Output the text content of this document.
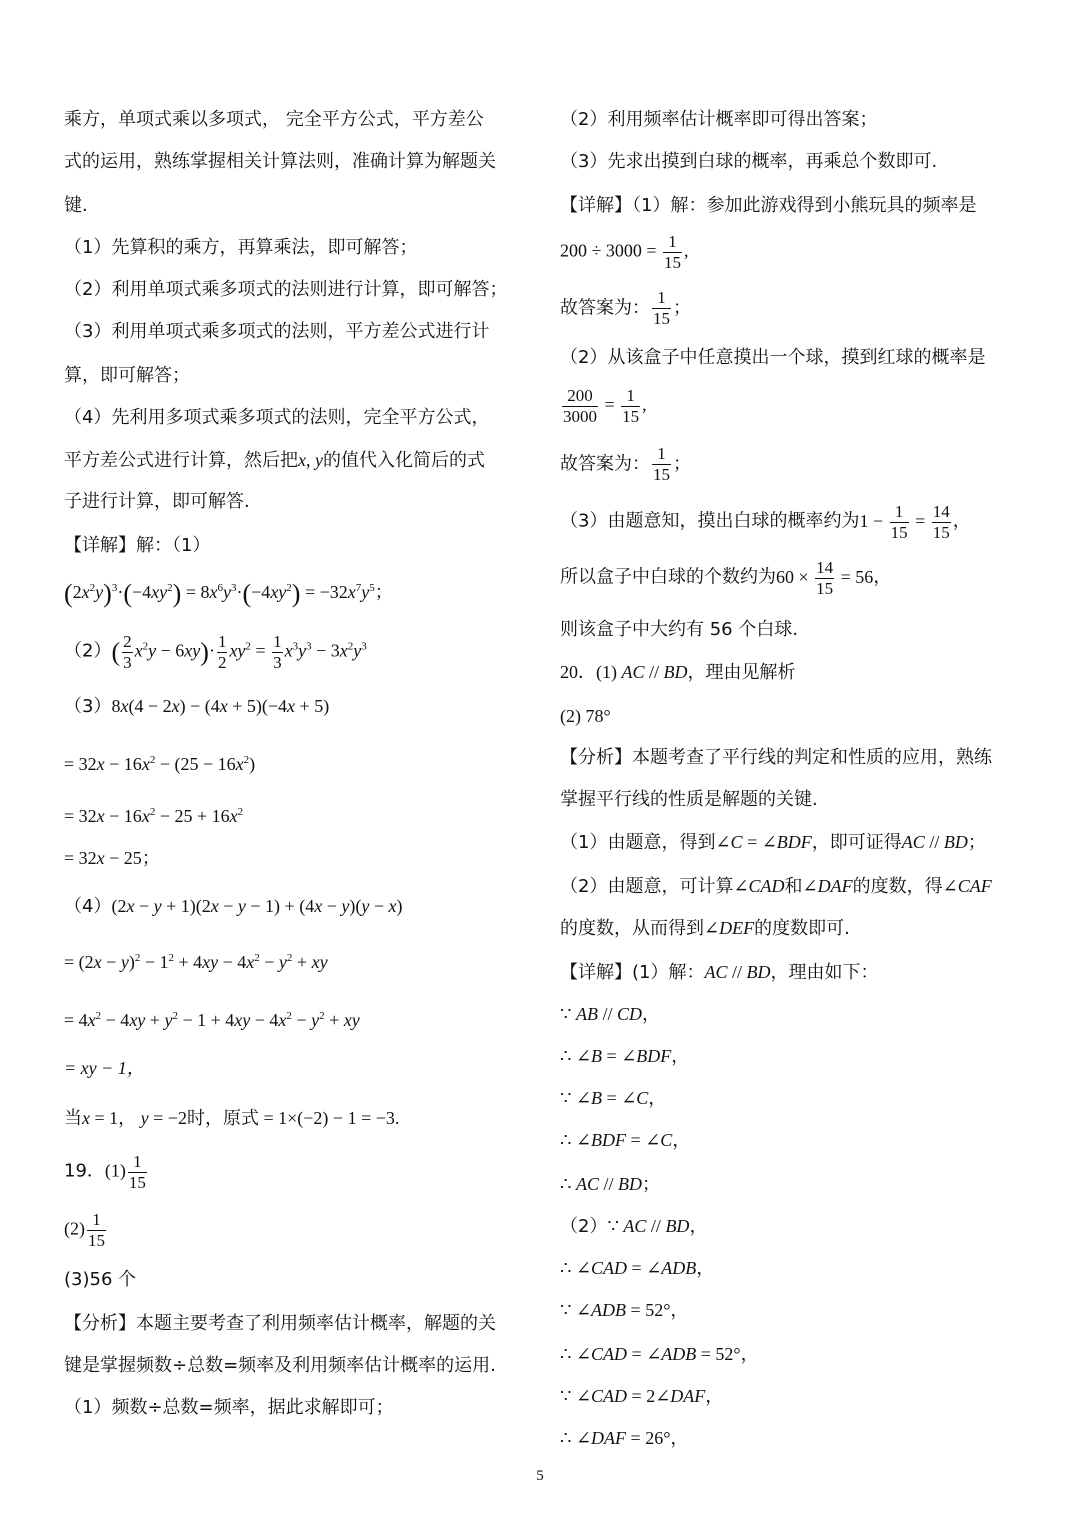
乘方，单项式乘以多项式， 完全平方公式，平方差公
式的运用，熟练掌握相关计算法则，准确计算为解题关
键.
（1）先算积的乘方，再算乘法，即可解答；
（2）利用单项式乘多项式的法则进行计算，即可解答；
（3）利用单项式乘多项式的法则，平方差公式进行计
算，即可解答；
（4）先利用多项式乘多项式的法则，完全平方公式，
平方差公式进行计算，然后把x, y的值代入化简后的式
子进行计算，即可解答.
【详解】解：（1）
$(2x^2y)^3\cdot(-4xy^2) = 8x^6y^3\cdot(-4xy^2) = -32x^7y^5$；
$(2)( \frac{2}{3} x^2y - 6xy)\cdot \frac{1}{2} xy^2 = \frac{1}{3} x^3y^3 - 3x^2y^3$
（3）8x(4 − 2x) − (4x + 5)(−4x + 5)
= $32x - 16x^2 - (25 - 16x^2)$
= $32x - 16x^2 - 25 + 16x^2$
= 32x − 25；
（4）(2x − y + 1)(2x − y − 1) + (4x − y)(y − x)
= $(2x - y)^2 - 1^2 + 4xy - 4x^2 - y^2$ + xy
= $4x^2 - 4xy + y^2 - 1 + 4xy - 4x^2 - y^2$ + xy
= xy − 1，
当x = 1， y = −2时，原式 = 1×(−2) − 1 = −3.
19．$(1) \frac{1}{15}$
$(2) \frac{1}{15}$
(3)56 个
【分析】本题主要考查了利用频率估计概率，解题的关
键是掌握频数÷总数=频率及利用频率估计概率的运用.
（1）频数÷总数=频率，据此求解即可；
（2）利用频率估计概率即可得出答案；
（3）先求出摸到白球的概率，再乘总个数即可.
【详解】（1）解：参加此游戏得到小熊玩具的频率是
$200 \div 3000 = \frac{1}{15}$ ,
故答案为： $\frac{1}{15}$ ；
（2）从该盒子中任意摸出一个球，摸到红球的概率是
$\frac{200}{3000} = \frac{1}{15}$ ,
故答案为： $\frac{1}{15}$ ；
（3）由题意知，摸出白球的概率约为$1 - \frac{1}{15} = \frac{14}{15}$ ，
所以盒子中白球的个数约为$60 \times \frac{14}{15} = 56$，
则该盒子中大约有 56 个白球.
20．(1) AC // BD，理由见解析
(2) 78°
【分析】本题考查了平行线的判定和性质的应用，熟练
掌握平行线的性质是解题的关键.
（1）由题意，得到∠C = ∠BDF，即可证得AC // BD；
（2）由题意，可计算∠CAD和∠DAF的度数，得∠CAF
的度数，从而得到∠DEF的度数即可.
【详解】(1）解：AC // BD，理由如下：
∵ AB // CD，
∴ ∠B = ∠BDF，
∵ ∠B = ∠C，
∴ ∠BDF = ∠C，
∴ AC // BD；
（2）∵ AC // BD，
∴ ∠CAD = ∠ADB，
∵ ∠ADB = 52°，
∴ ∠CAD = ∠ADB = 52°，
∵ ∠CAD = 2∠DAF，
∴ ∠DAF = 26°，
5
